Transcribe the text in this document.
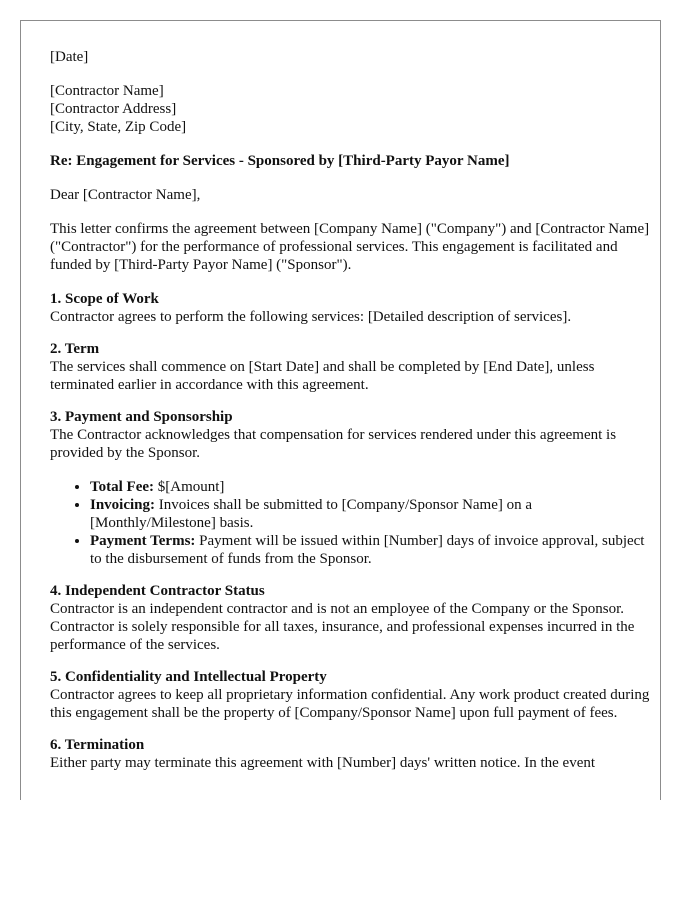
[Date]

[Contractor Name]

[Contractor Address]

[City, State, Zip Code]

Re: Engagement for Services - Sponsored by [Third-Party Payor Name]

Dear [Contractor Name],

This letter confirms the agreement between [Company Name] ("Company") and [Contractor Name] ("Contractor") for the performance of professional services. This engagement is facilitated and funded by [Third-Party Payor Name] ("Sponsor").

1. Scope of Work

Contractor agrees to perform the following services: [Detailed description of services].

2. Term

The services shall commence on [Start Date] and shall be completed by [End Date], unless terminated earlier in accordance with this agreement.

3. Payment and Sponsorship

The Contractor acknowledges that compensation for services rendered under this agreement is provided by the Sponsor.

• Total Fee: $[Amount]
• Invoicing: Invoices shall be submitted to [Company/Sponsor Name] on a [Monthly/Milestone] basis.
• Payment Terms: Payment will be issued within [Number] days of invoice approval, subject to the disbursement of funds from the Sponsor.

4. Independent Contractor Status

Contractor is an independent contractor and is not an employee of the Company or the Sponsor. Contractor is solely responsible for all taxes, insurance, and professional expenses incurred in the performance of the services.

5. Confidentiality and Intellectual Property

Contractor agrees to keep all proprietary information confidential. Any work product created during this engagement shall be the property of [Company/Sponsor Name] upon full payment of fees.

6. Termination

Either party may terminate this agreement with [Number] days' written notice. In the event
